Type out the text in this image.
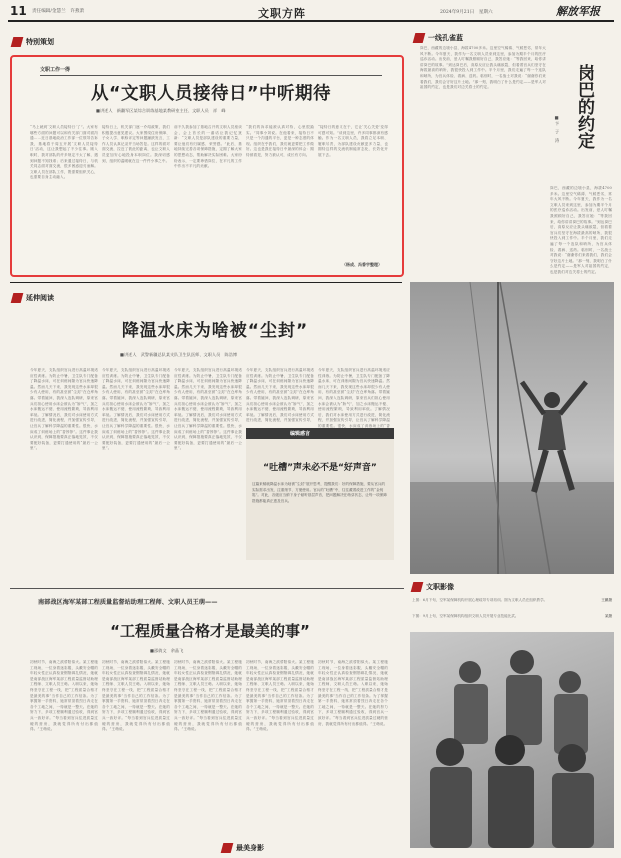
11 责任编辑/金慧兰　许燕萧	文职方阵	2024年9月21日　星期六	解放军报
特别策划
文职工作一得
从“文职人员接待日”中听期待
■讲述人　新疆军区某综合训练基地某教研室主任、文职人员　祥　峰
“马上就到‘文职人员接待日’了”。大家有哪些方面的问题可以和有关部门面对面沟通……近日基地政治工作部一位领导告诉我，基地将于周五开展‘文职人员接待日’活动，这让我想起了不少往事。刚入职时，我对部队的许多规定不太了解，遇到问题不知找谁；后来通过接待日，与机关同志面对面交流，很多困惑迎刃而解。文职人员在部队工作，既需要组织关心，也需要自身主动融入。
接待日上，机关部门逐一介绍政策，我们积极提出意见建议。大家围绕住房保障、子女入学、职称评定等问题踊跃发言，工作人员认真记录并当场答复。这样的面对面交流，拉近了彼此的距离，也让文职人员更加安心地投身本职岗位。我深切感到，组织的温暖就在这一件件小事之中。
前不久我参加了基地召开的文职人员座谈会，会上首长的一番话让我记忆犹新：“文职人员是部队建设的重要力量，要让他们有归属感、荣誉感。”此后，基地持续完善各项保障措施，定期了解大家的思想动态，帮助解决实际困难。大家纷纷表示，一定要珍惜岗位，在平凡的工作中作出不平凡的贡献。
“我们的诉求能被认真对待，心里很踏实。”同事小刘说。在他看来，接待日不只是一个沟通的平台，更是一种态度的体现。组织在乎我们，我们就更要把工作做好。这也是我在接待日中最深的体会：期待被看见，努力被认可，成长有方向。
“接待日的意义在于，它让‘关心关爱’变得可感可知。”谈到这里，许多同事都深有感触。作为一名文职人员，我将立足本职、履职尽责，为部队建设贡献更多力量，也期待这样的交流机制能常态化、长效化开展下去。
（杨成、冯香宇整理）
一线孔雀蓝
岗巴的约定
■卞　子　涛
岗巴，西藏的边境小县，海拔4700多米。这里空气稀薄、气候恶劣，常年大风不断。今年夏天，我作为一名文职人员来到这里，参加为期半个月的医疗巡诊活动。出发前，爱人叮嘱我照顾好自己，我答应她：“等我回来，给你讲讲岗巴的故事。”到达岗巴后，高原反应让我头痛欲裂，但看着官兵们坚守在海拔最高的哨所，我很快投入到工作中。半个月里，我们走遍了每一个连队和哨所，为官兵体检、看病、送药。临别时，一名战士对我说：“谢谢你们来看我们，我们会守好这片土地。”那一刻，我明白了什么是约定——是军人对祖国的约定，也是我们对边关将士的约定。
岗巴，西藏的边境小县，海拔4700多米。这里空气稀薄、气候恶劣，常年大风不断。今年夏天，我作为一名文职人员来到这里，参加为期半个月的医疗巡诊活动。出发前，爱人叮嘱我照顾好自己，我答应她：“等我回来，给你讲讲岗巴的故事。”到达岗巴后，高原反应让我头痛欲裂，但看着官兵们坚守在海拔最高的哨所，我很快投入到工作中。半个月里，我们走遍了每一个连队和哨所，为官兵体检、看病、送药。临别时，一名战士对我说：“谢谢你们来看我们，我们会守好这片土地。”那一刻，我明白了什么是约定——是军人对祖国的约定，也是我们对边关将士的约定。
延伸阅读
降温水床为啥被“尘封”
■讲述人　武警新疆总队某支队卫生队医师、文职人员　陈浩博
今年夏天，支队组织官兵进行高温环境适应性训练。为防止中暑，卫生队专门配备了降温水床，可在训练间隙为官兵快速降温。然而几天下来，我发现这些水床却很少有人使用，有的甚至被“尘封”在仓库角落。带着疑问，我深入连队调研，原来官兵们担心使用水床会被认为“娇气”，加之水床搬运不便、使用流程繁琐，导致利用率低。了解情况后，我们对水床使用方式进行改进，简化流程，并加强宣传引导，让官兵了解科学降温的重要性。很快，水床成了训练场上的“香饽饽”。这件事让我认识到，保障措施要真正落地见效，不仅要配好装备，更要打通使用的“最后一公里”。
今年夏天，支队组织官兵进行高温环境适应性训练。为防止中暑，卫生队专门配备了降温水床，可在训练间隙为官兵快速降温。然而几天下来，我发现这些水床却很少有人使用，有的甚至被“尘封”在仓库角落。带着疑问，我深入连队调研，原来官兵们担心使用水床会被认为“娇气”，加之水床搬运不便、使用流程繁琐，导致利用率低。了解情况后，我们对水床使用方式进行改进，简化流程，并加强宣传引导，让官兵了解科学降温的重要性。很快，水床成了训练场上的“香饽饽”。这件事让我认识到，保障措施要真正落地见效，不仅要配好装备，更要打通使用的“最后一公里”。
今年夏天，支队组织官兵进行高温环境适应性训练。为防止中暑，卫生队专门配备了降温水床，可在训练间隙为官兵快速降温。然而几天下来，我发现这些水床却很少有人使用，有的甚至被“尘封”在仓库角落。带着疑问，我深入连队调研，原来官兵们担心使用水床会被认为“娇气”，加之水床搬运不便、使用流程繁琐，导致利用率低。了解情况后，我们对水床使用方式进行改进，简化流程，并加强宣传引导，让官兵了解科学降温的重要性。很快，水床成了训练场上的“香饽饽”。这件事让我认识到，保障措施要真正落地见效，不仅要配好装备，更要打通使用的“最后一公里”。
今年夏天，支队组织官兵进行高温环境适应性训练。为防止中暑，卫生队专门配备了降温水床，可在训练间隙为官兵快速降温。然而几天下来，我发现这些水床却很少有人使用，有的甚至被“尘封”在仓库角落。带着疑问，我深入连队调研，原来官兵们担心使用水床会被认为“娇气”，加之水床搬运不便、使用流程繁琐，导致利用率低。了解情况后，我们对水床使用方式进行改进，简化流程，并加强宣传引导，
今年夏天，支队组织官兵进行高温环境适应性训练。为防止中暑，卫生队专门配备了降温水床，可在训练间隙为官兵快速降温。然而几天下来，我发现这些水床却很少有人使用，有的甚至被“尘封”在仓库角落。带着疑问，我深入连队调研，原来官兵们担心使用水床会被认为“娇气”，加之水床搬运不便、使用流程繁琐，导致利用率低。了解情况后，我们对水床使用方式进行改进，简化流程，并加强宣传引导，让官兵了解科学降温的重要性。很快，水床成了训练场上的“香
编辑感言
“吐槽”声未必不是“好声音”
这篇来稿就降温水床为啥被“尘封”展开思考，提醒我们：好的保障措施，要从官兵的实际需求出发，注重细节、方便使用。官兵的“吐槽”中，往往藏着改进工作的“金钥匙”。对此，各级应当俯下身子倾听基层声音，把问题解决在萌芽状态，让每一项保障措施都能真正惠及官兵。
文职影像
上图：6月下旬，空军某保障机构开展心理疏导专项培训。图为文职人员在组织教学。	王鹏摄
下图：9月上旬，空军某保障机构组织文职人员开展专业技能比武。	某摄
南部战区海军某部工程质量监督站助理工程师、文职人员王萌——
“工程质量合格才是最美的事”
■邵倩文　余晶飞
初秋时节，南海之滨骄阳似火。某工程施工现场，一位身着迷彩服、头戴安全帽的年轻女性正认真检查钢筋绑扎情况，她就是南部战区海军某部工程质量监督站助理工程师、文职人员王萌。入职以来，她始终坚守在工程一线，把“工程质量合格才是最美的事”当作自己的工作信条。为了掌握第一手资料，她常常顶着烈日奔走在各个工地之间，一待就是一整天。在她的努力下，多项工程顺利通过验收，得到官兵一致好评。“每当看到官兵住进质量过硬的营房，我就觉得所有付出都值得。”王萌说。
初秋时节，南海之滨骄阳似火。某工程施工现场，一位身着迷彩服、头戴安全帽的年轻女性正认真检查钢筋绑扎情况，她就是南部战区海军某部工程质量监督站助理工程师、文职人员王萌。入职以来，她始终坚守在工程一线，把“工程质量合格才是最美的事”当作自己的工作信条。为了掌握第一手资料，她常常顶着烈日奔走在各个工地之间，一待就是一整天。在她的努力下，多项工程顺利通过验收，得到官兵一致好评。“每当看到官兵住进质量过硬的营房，我就觉得所有付出都值得。”王萌说。
初秋时节，南海之滨骄阳似火。某工程施工现场，一位身着迷彩服、头戴安全帽的年轻女性正认真检查钢筋绑扎情况，她就是南部战区海军某部工程质量监督站助理工程师、文职人员王萌。入职以来，她始终坚守在工程一线，把“工程质量合格才是最美的事”当作自己的工作信条。为了掌握第一手资料，她常常顶着烈日奔走在各个工地之间，一待就是一整天。在她的努力下，多项工程顺利通过验收，得到官兵一致好评。“每当看到官兵住进质量过硬的营房，我就觉得所有付出都值得。”王萌说。
初秋时节，南海之滨骄阳似火。某工程施工现场，一位身着迷彩服、头戴安全帽的年轻女性正认真检查钢筋绑扎情况，她就是南部战区海军某部工程质量监督站助理工程师、文职人员王萌。入职以来，她始终坚守在工程一线，把“工程质量合格才是最美的事”当作自己的工作信条。为了掌握第一手资料，她常常顶着烈日奔走在各个工地之间，一待就是一整天。在她的努力下，多项工程顺利通过验收，得到官兵一致好评。“每当看到官兵住进质量过硬的营房，我就觉得所有付出都值得。”王萌说。
初秋时节，南海之滨骄阳似火。某工程施工现场，一位身着迷彩服、头戴安全帽的年轻女性正认真检查钢筋绑扎情况，她就是南部战区海军某部工程质量监督站助理工程师、文职人员王萌。入职以来，她始终坚守在工程一线，把“工程质量合格才是最美的事”当作自己的工作信条。为了掌握第一手资料，她常常顶着烈日奔走在各个工地之间，一待就是一整天。在她的努力下，多项工程顺利通过验收，得到官兵一致好评。“每当看到官兵住进质量过硬的营房，我就觉得所有付出都值得。”王萌说。
最美身影
